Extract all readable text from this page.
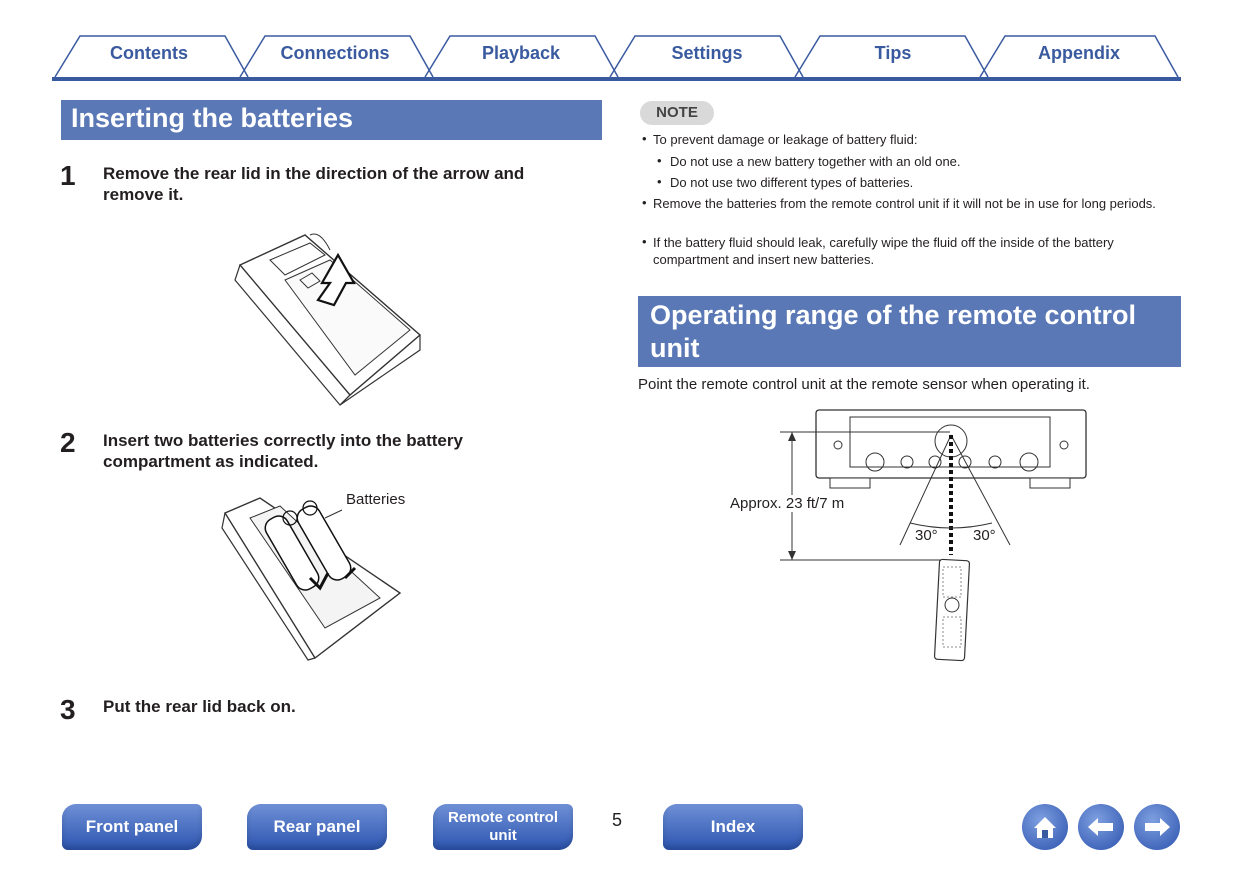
Contents	Connections	Playback	Settings	Tips	Appendix
Inserting the batteries
1 Remove the rear lid in the direction of the arrow and remove it.
2 Insert two batteries correctly into the battery compartment as indicated.
Batteries
3 Put the rear lid back on.
NOTE
• To prevent damage or leakage of battery fluid:
• Do not use a new battery together with an old one.
• Do not use two different types of batteries.
• Remove the batteries from the remote control unit if it will not be in use for long periods.
• If the battery fluid should leak, carefully wipe the fluid off the inside of the battery compartment and insert new batteries.
Operating range of the remote control unit
Point the remote control unit at the remote sensor when operating it.
Approx. 23 ft/7 m
30° 30°
Front panel	Rear panel	Remote control
unit
5	Index
